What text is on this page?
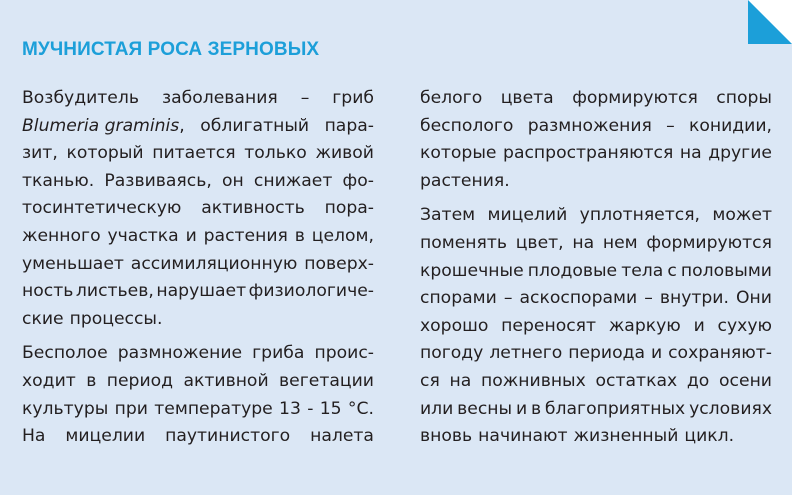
МУЧНИСТАЯ РОСА ЗЕРНОВЫХ
Возбудитель заболевания – гриб
Blumeria graminis, облигатный пара-
зит, который питается только живой
тканью. Развиваясь, он снижает фо-
тосинтетическую активность пора-
женного участка и растения в целом,
уменьшает ассимиляционную поверх-
ность листьев, нарушает физиологиче-
ские процессы.
Бесполое размножение гриба проис-
ходит в период активной вегетации
культуры при температуре 13 - 15 °С.
На мицелии паутинистого налета
белого цвета формируются споры
бесполого размножения – конидии,
которые распространяются на другие
растения.
Затем мицелий уплотняется, может
поменять цвет, на нем формируются
крошечные плодовые тела с половыми
спорами – аскоспорами – внутри. Они
хорошо переносят жаркую и сухую
погоду летнего периода и сохраняют-
ся на пожнивных остатках до осени
или весны и в благоприятных условиях
вновь начинают жизненный цикл.
